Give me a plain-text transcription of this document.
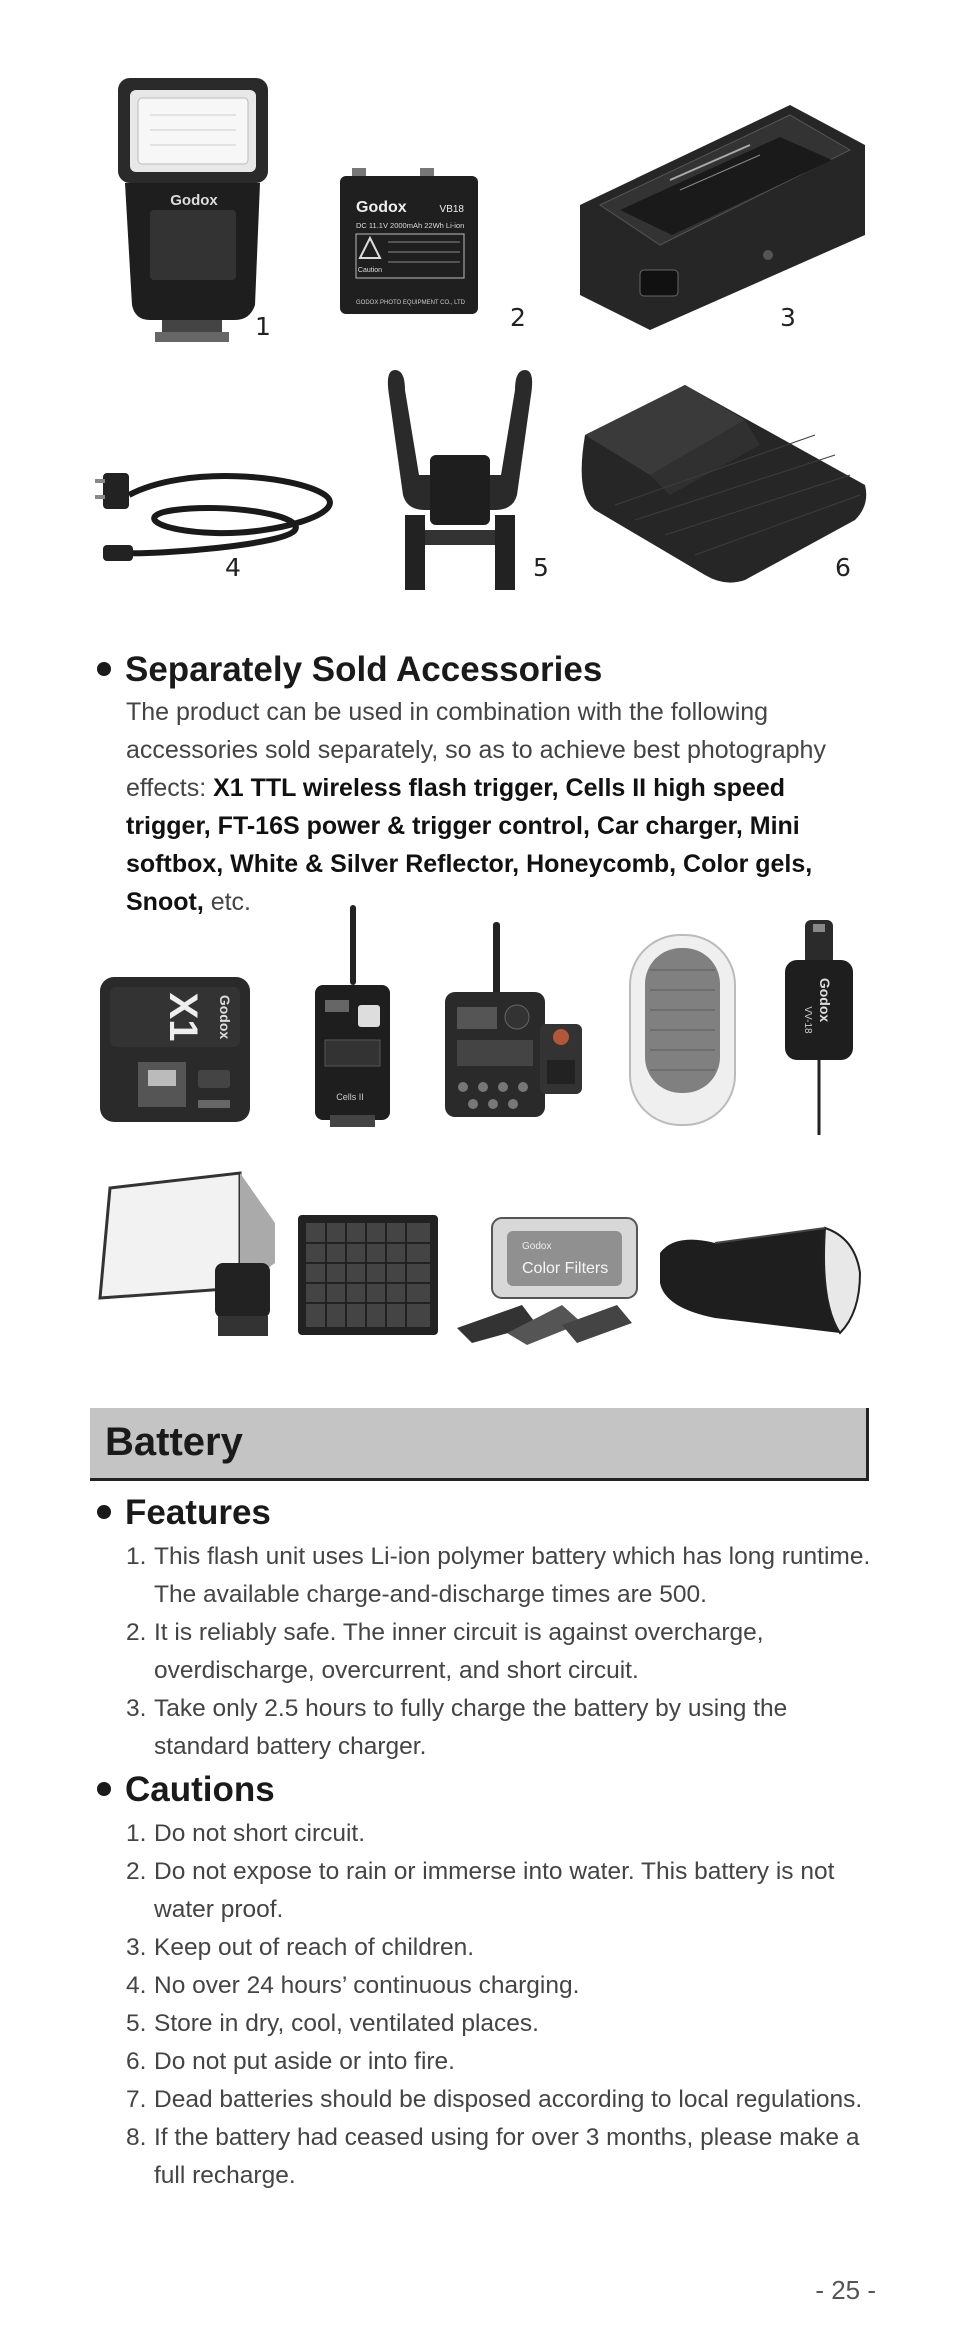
Godox
1
Godox	VB18
DC 11.1V 2000mAh 22Wh Li-ion
Caution
GODOX PHOTO EQUIPMENT CO., LTD 2	3
4	5	6
Separately Sold Accessories

The product can be used in combination with the following accessories sold separately, so as to achieve best photography effects: X1 TTL wireless flash trigger, Cells II high speed trigger, FT-16S power & trigger control, Car charger, Mini softbox, White & Silver Reflector, Honeycomb, Color gels, Snoot, etc.

X1 Godox
Cells II
Godox
VV-18
Godox
Color Filters
Battery
Features
1. This flash unit uses Li-ion polymer battery which has long runtime. The available charge-and-discharge times are 500.
2. It is reliably safe. The inner circuit is against overcharge, overdischarge, overcurrent, and short circuit.
3. Take only 2.5 hours to fully charge the battery by using the standard battery charger.
Cautions
1. Do not short circuit.
2. Do not expose to rain or immerse into water. This battery is not water proof.
3. Keep out of reach of children.
4. No over 24 hours’ continuous charging.
5. Store in dry, cool, ventilated places.
6. Do not put aside or into fire.
7. Dead batteries should be disposed according to local regulations.
8. If the battery had ceased using for over 3 months, please make a full recharge.
- 25 -
